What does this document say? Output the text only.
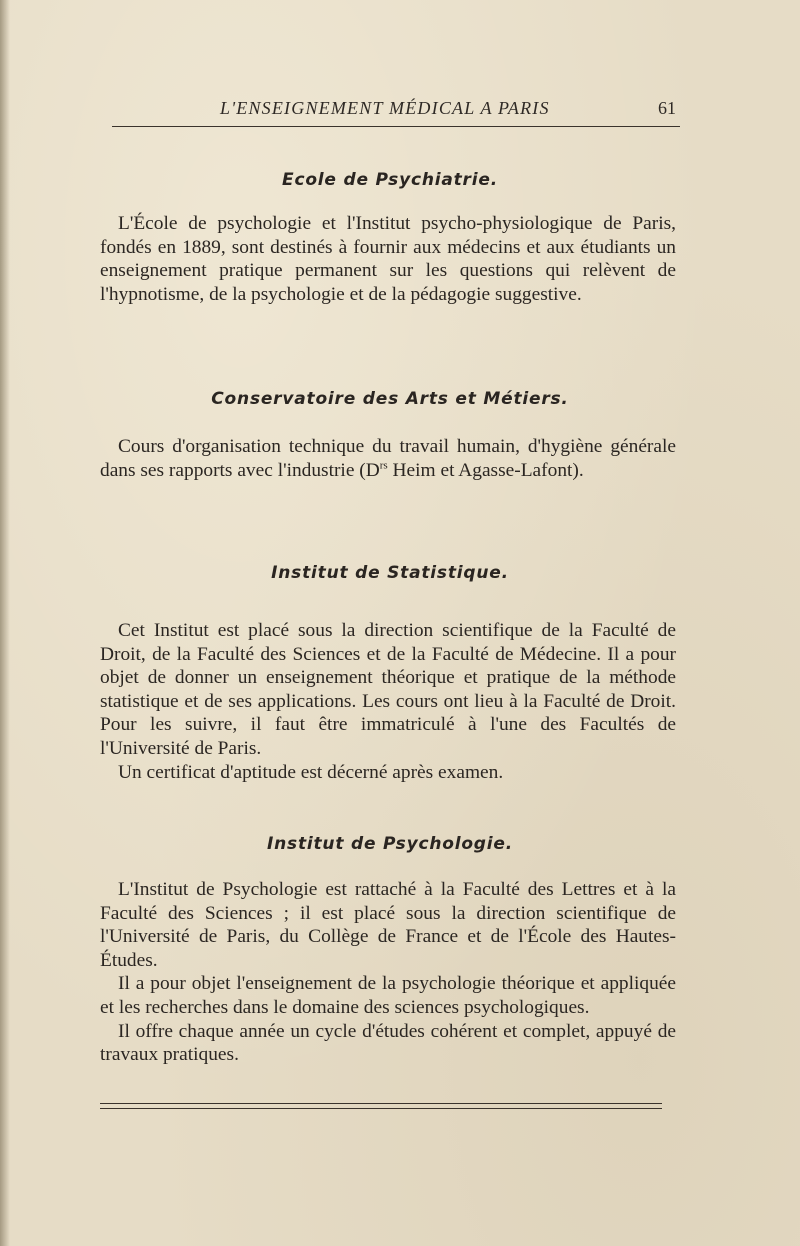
L'ENSEIGNEMENT MÉDICAL A PARIS	61
Ecole de Psychiatrie.

L'École de psychologie et l'Institut psycho-physiologique de Paris, fondés en 1889, sont destinés à fournir aux médecins et aux étudiants un enseignement pratique permanent sur les questions qui relèvent de l'hypnotisme, de la psychologie et de la pédagogie suggestive.

Conservatoire des Arts et Métiers.

Cours d'organisation technique du travail humain, d'hygiène générale dans ses rapports avec l'industrie ($D^{rs}$ Heim et Agasse-Lafont).

Institut de Statistique.

Cet Institut est placé sous la direction scientifique de la Faculté de Droit, de la Faculté des Sciences et de la Faculté de Médecine. Il a pour objet de donner un enseignement théorique et pratique de la méthode statistique et de ses applications. Les cours ont lieu à la Faculté de Droit. Pour les suivre, il faut être immatriculé à l'une des Facultés de l'Université de Paris.

Un certificat d'aptitude est décerné après examen.

Institut de Psychologie.

L'Institut de Psychologie est rattaché à la Faculté des Lettres et à la Faculté des Sciences ; il est placé sous la direction scientifique de l'Université de Paris, du Collège de France et de l'École des Hautes-Études.

Il a pour objet l'enseignement de la psychologie théorique et appliquée et les recherches dans le domaine des sciences psychologiques.

Il offre chaque année un cycle d'études cohérent et complet, appuyé de travaux pratiques.
